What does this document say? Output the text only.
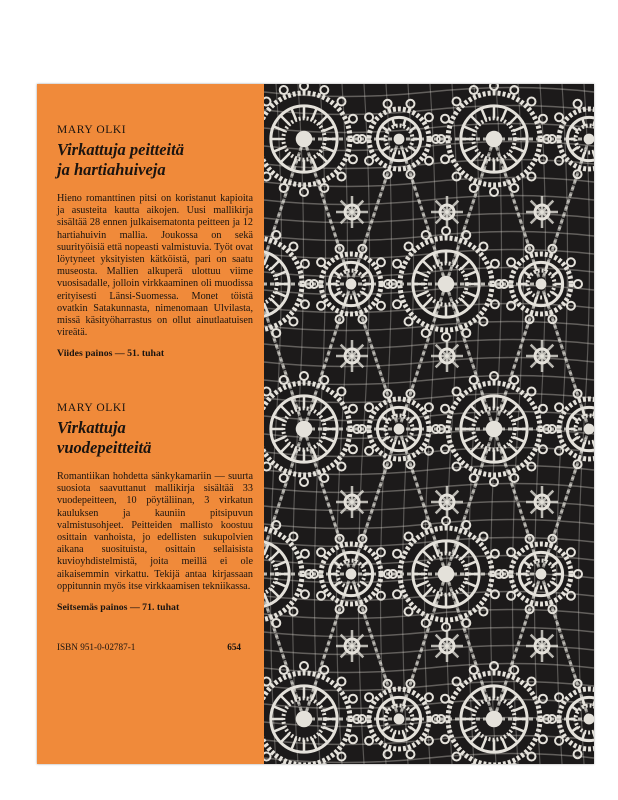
MARY OLKI

Virkattuja peitteitä
ja hartiahuiveja

Hieno romanttinen pitsi on koristanut kapioita ja asusteita kautta aikojen. Uusi mallikirja sisältää 28 ennen julkaisematonta peitteen ja 12 hartiahuivin mallia. Joukossa on sekä suurityöisiä että nopeasti valmistuvia. Työt ovat löytyneet yksityisten kätköistä, pari on saatu museosta. Mallien alkuperä ulottuu viime vuosisadalle, jolloin virkkaaminen oli muodissa erityisesti Länsi-Suomessa. Monet töistä ovatkin Satakunnasta, nimenomaan Ulvilasta, missä käsityöharrastus on ollut ainutlaatuisen vireätä.

Viides painos — 51. tuhat

MARY OLKI

Virkattuja
vuodepeitteitä

Romantiikan hohdetta sänkykamariin — suurta suosiota saavuttanut mallikirja sisältää 33 vuodepeitteen, 10 pöytäliinan, 3 virkatun kauluksen ja kauniin pitsipuvun valmistusohjeet. Peitteiden mallisto koostuu osittain vanhoista, jo edellisten sukupolvien aikana suosituista, osittain sellaisista kuvioyhdistelmistä, joita meillä ei ole aikaisemmin virkattu. Tekijä antaa kirjassaan oppitunnin myös itse virkkaamisen tekniikassa.

Seitsemäs painos — 71. tuhat

ISBN 951-0-02787-1	654
